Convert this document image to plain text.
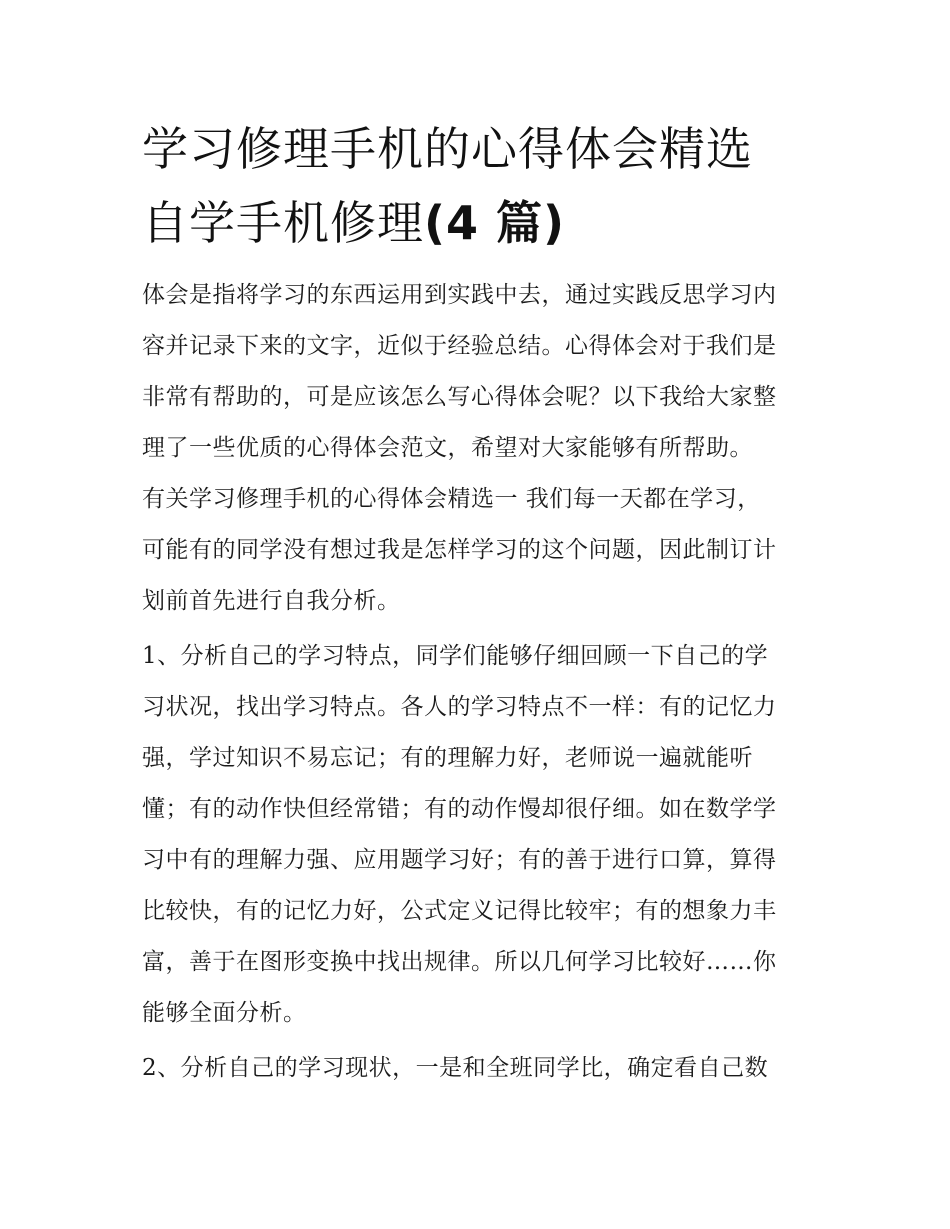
学习修理手机的心得体会精选
自学手机修理(4 篇)
体会是指将学习的东西运用到实践中去，通过实践反思学习内
容并记录下来的文字，近似于经验总结。心得体会对于我们是
非常有帮助的，可是应该怎么写心得体会呢？以下我给大家整
理了一些优质的心得体会范文，希望对大家能够有所帮助。
有关学习修理手机的心得体会精选一 我们每一天都在学习，
可能有的同学没有想过我是怎样学习的这个问题，因此制订计
划前首先进行自我分析。
1、分析自己的学习特点，同学们能够仔细回顾一下自己的学
习状况，找出学习特点。各人的学习特点不一样：有的记忆力
强，学过知识不易忘记；有的理解力好，老师说一遍就能听
懂；有的动作快但经常错；有的动作慢却很仔细。如在数学学
习中有的理解力强、应用题学习好；有的善于进行口算，算得
比较快，有的记忆力好，公式定义记得比较牢；有的想象力丰
富，善于在图形变换中找出规律。所以几何学习比较好……你
能够全面分析。
2、分析自己的学习现状，一是和全班同学比，确定看自己数
